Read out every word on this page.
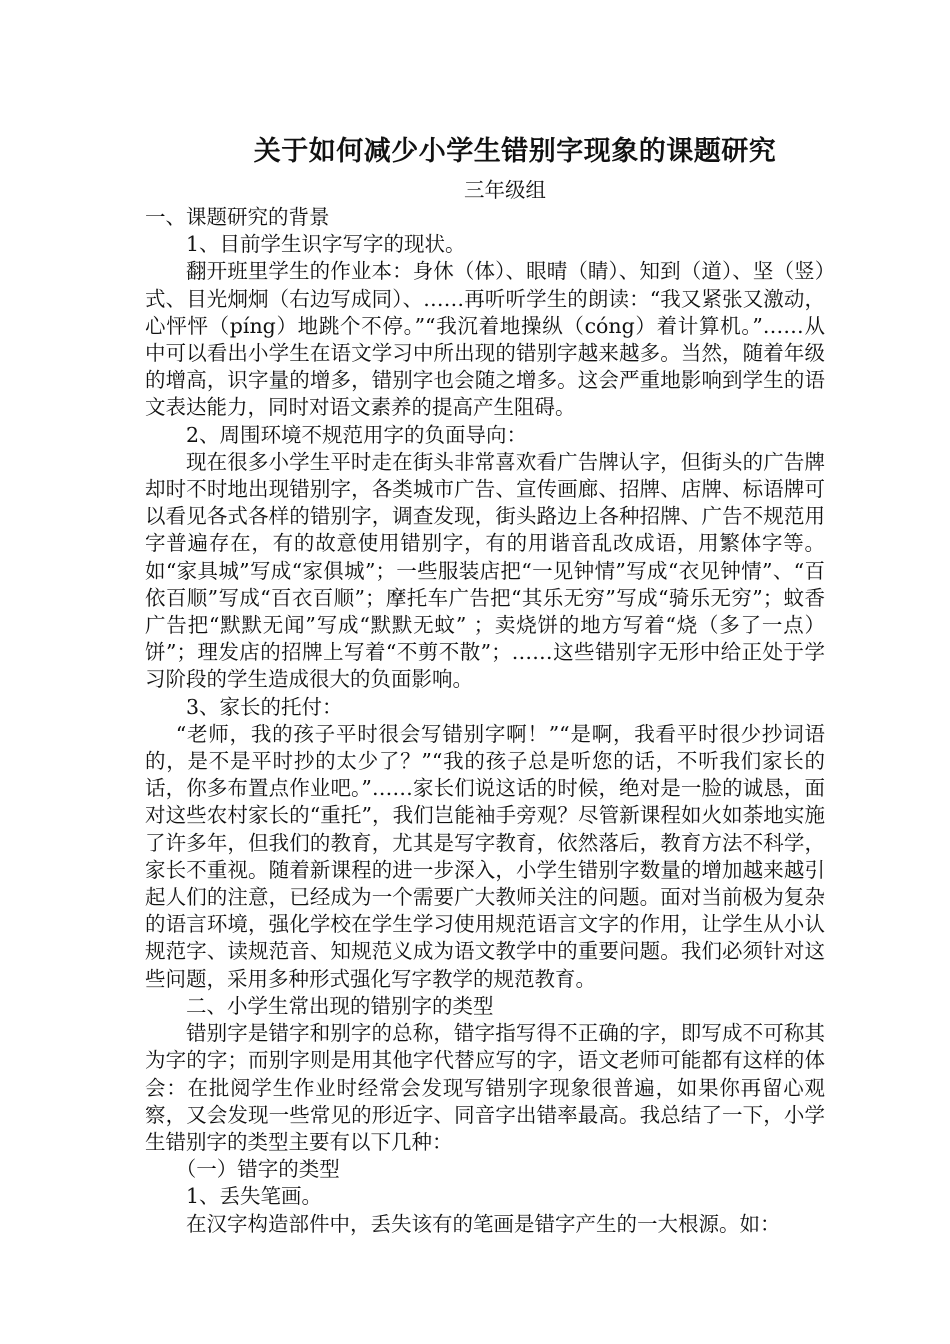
关于如何减少小学生错别字现象的课题研究
三年级组

一、课题研究的背景

1、目前学生识字写字的现状。

翻开班里学生的作业本：身休（体）、眼晴（睛）、知到（道）、坚（竖）式、目光炯炯（右边写成同）、……再听听学生的朗读：“我又紧张又激动，心怦怦（píng）地跳个不停。”“我沉着地操纵（cóng）着计算机。”……从中可以看出小学生在语文学习中所出现的错别字越来越多。当然，随着年级的增高，识字量的增多，错别字也会随之增多。这会严重地影响到学生的语文表达能力，同时对语文素养的提高产生阻碍。

2、周围环境不规范用字的负面导向：

现在很多小学生平时走在街头非常喜欢看广告牌认字，但街头的广告牌却时不时地出现错别字，各类城市广告、宣传画廊、招牌、店牌、标语牌可以看见各式各样的错别字，调查发现，街头路边上各种招牌、广告不规范用字普遍存在，有的故意使用错别字，有的用谐音乱改成语，用繁体字等。如“家具城”写成“家俱城”；一些服装店把“一见钟情”写成“衣见钟情”、“百依百顺”写成“百衣百顺”；摩托车广告把“其乐无穷”写成“骑乐无穷”；蚊香广告把“默默无闻”写成“默默无蚊” ；卖烧饼的地方写着“烧（多了一点）饼”；理发店的招牌上写着“不剪不散”；……这些错别字无形中给正处于学习阶段的学生造成很大的负面影响。

3、家长的托付：

“老师，我的孩子平时很会写错别字啊！”“是啊，我看平时很少抄词语的，是不是平时抄的太少了？”“我的孩子总是听您的话，不听我们家长的话，你多布置点作业吧。”……家长们说这话的时候，绝对是一脸的诚恳，面对这些农村家长的“重托”，我们岂能袖手旁观？尽管新课程如火如荼地实施了许多年，但我们的教育，尤其是写字教育，依然落后，教育方法不科学，家长不重视。随着新课程的进一步深入，小学生错别字数量的增加越来越引起人们的注意，已经成为一个需要广大教师关注的问题。面对当前极为复杂的语言环境，强化学校在学生学习使用规范语言文字的作用，让学生从小认规范字、读规范音、知规范义成为语文教学中的重要问题。我们必须针对这些问题，采用多种形式强化写字教学的规范教育。

二、小学生常出现的错别字的类型

错别字是错字和别字的总称，错字指写得不正确的字，即写成不可称其为字的字；而别字则是用其他字代替应写的字，语文老师可能都有这样的体会：在批阅学生作业时经常会发现写错别字现象很普遍，如果你再留心观察，又会发现一些常见的形近字、同音字出错率最高。我总结了一下，小学生错别字的类型主要有以下几种：

（一）错字的类型

1、丢失笔画。

在汉字构造部件中，丢失该有的笔画是错字产生的一大根源。如：
